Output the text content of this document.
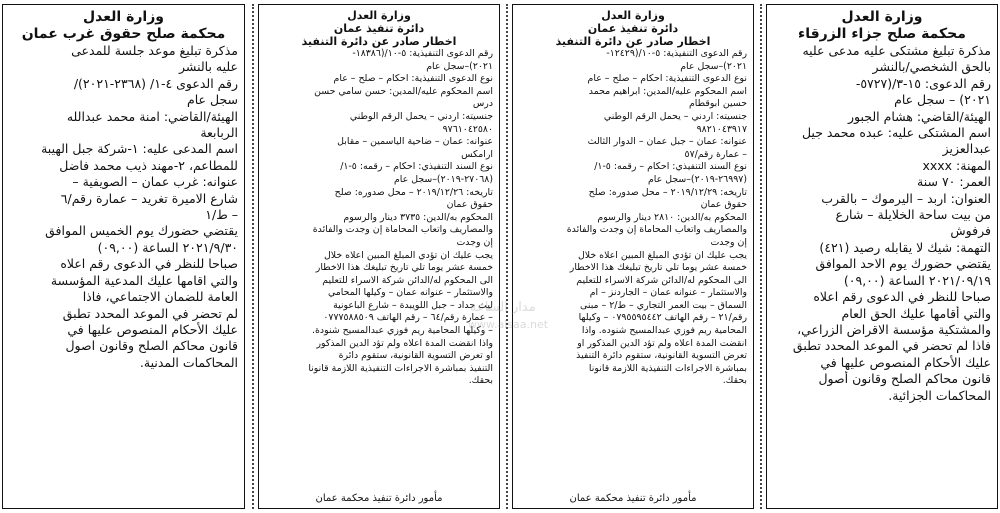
وزارة العدل
محكمة صلح حقوق غرب عمان
مذكرة تبليغ موعد جلسة للمدعى
عليه بالنشر
رقم الدعوى ٤-١/ (٢٣٦٨-٢٠٢١)/
سجل عام
الهيئة/القاضي: امنة محمد عبدالله
الربابعة
اسم المدعى عليه: ١-شركة جبل الهيبة
للمطاعم، ٢-مهند ذيب محمد فاضل
عنوانه: غرب عمان – الصويفية –
شارع الاميرة تغريد – عمارة رقم/٦
– ط/١
يقتضي حضورك يوم الخميس الموافق
٢٠٢١/٩/٣٠ الساعة (٠٩,٠٠)
صباحا للنظر في الدعوى رقم اعلاه
والتي اقامها عليك المدعية المؤسسة
العامة للضمان الاجتماعي، فاذا
لم تحضر في الموعد المحدد تطبق
عليك الأحكام المنصوص عليها في
قانون محاكم الصلح وقانون اصول
المحاكمات المدنية.
وزارة العدل
دائرة تنفيذ عمان
اخطار صادر عن دائرة التنفيذ
رقم الدعوى التنفيذية: ٥-١٠/(١٨٣٨٦-
٢٠٢١)–سجل عام
نوع الدعوى التنفيذية: احكام – صلح – عام
اسم المحكوم عليه/المدين: حسن سامي حسن
درس
جنسيته: اردني – يحمل الرقم الوطني
٩٧٦١٠٤٢٥٨٠
عنوانه: عمان – ضاحية الياسمين – مقابل
ارامكس
نوع السند التنفيذي: احكام – رقمه: ٥-١/
(٢٧٠٦٨-٢٠١٩)–سجل عام
تاريخه: ٢٠١٩/١٢/٢٦ – محل صدوره: صلح
حقوق عمان
المحكوم به/الدين: ٣٧٣٥ دينار والرسوم
والمصاريف واتعاب المحاماة إن وجدت والفائدة
إن وجدت
يجب عليك ان تؤدي المبلغ المبين اعلاه خلال
خمسة عشر يوما تلي تاريخ تبليغك هذا الاخطار
الى المحكوم له/الدائن شركة الاسراء للتعليم
والاستثمار – عنوانه عمان – وكيلها المحامي
ليث حداد – جبل اللويبدة – شارع الباعونية
– عمارة رقم/٦٤ – رقم الهاتف ٠٧٧٧٥٨٨٥٠٩
– وكيلها المحامية ريم فوزي عبدالمسيح شنودة.
واذا انقضت المدة اعلاه ولم تؤد الدين المذكور
او تعرض التسوية القانونية، ستقوم دائرة
التنفيذ بمباشرة الاجراءات التنفيذية اللازمة قانونا
بحقك.
مأمور دائرة تنفيذ محكمة عمان
وزارة العدل
دائرة تنفيذ عمان
اخطار صادر عن دائرة التنفيذ
رقم الدعوى التنفيذية: ٥-١٠/(١٢٤٢٩-
٢٠٢١)–سجل عام
نوع الدعوى التنفيذية: احكام – صلح – عام
اسم المحكوم عليه/المدين: ابراهيم محمد
حسين ابوقطام
جنسيته: اردني – يحمل الرقم الوطني
٩٨٢١٠٤٣٩١٧
عنوانه: عمان – جبل عمان – الدوار الثالث
– عمارة رقم/٥٧
نوع السند التنفيذي: احكام – رقمه: ٥-١/
(٢٦٩٩٧-٢٠١٩)–سجل عام
تاريخه: ٢٠١٩/١٢/٢٩ – محل صدوره: صلح
حقوق عمان
المحكوم به/الدين: ٢٨١٠ دينار والرسوم
والمصاريف واتعاب المحاماة إن وجدت والفائدة
إن وجدت
يجب عليك ان تؤدي المبلغ المبين اعلاه خلال
خمسة عشر يوما تلي تاريخ تبليغك هذا الاخطار
الى المحكوم له/الدائن شركة الاسراء للتعليم
والاستثمار – عنوانه عمان – الجاردنز – ام
السماق – بيت العمر التجاري – ط/٢ – مبنى
رقم/٢١ – رقم الهاتف ٠٧٩٥٥٩٥٤٤٢ – وكيلها
المحامية ريم فوزي عبدالمسيح شنوده. واذا
انقضت المدة اعلاه ولم تؤد الدين المذكور او
تعرض التسوية القانونية، ستقوم دائرة التنفيذ
بمباشرة الاجراءات التنفيذية اللازمة قانونا
بحقك.
مأمور دائرة تنفيذ محكمة عمان
وزارة العدل
محكمة صلح جزاء الزرقاء
مذكرة تبليغ مشتكى عليه مدعى عليه
بالحق الشخصي/بالنشر
رقم الدعوى: ١٥-٣/(٥٧٢٧-
٢٠٢١) – سجل عام
الهيئة/القاضي: هشام الجبور
اسم المشتكى عليه: عبده محمد جيل
عبدالعزيز
المهنة: xxxx
العمر: ٧٠ سنة
العنوان: اربد – اليرموك – بالقرب
من بيت ساحة الخلايلة – شارع
فرفوش
التهمة: شيك لا يقابله رصيد (٤٢١)
يقتضي حضورك يوم الاحد الموافق
٢٠٢١/٠٩/١٩ الساعة (٠٩,٠٠)
صباحا للنظر في الدعوى رقم اعلاه
والتي أقامها عليك الحق العام
والمشتكية مؤسسة الاقراض الزراعي،
فاذا لم تحضر في الموعد المحدد تطبق
عليك الأحكام المنصوص عليها في
قانون محاكم الصلح وقانون أصول
المحاكمات الجزائية.
مدار الساعة
www.alsaa.net
